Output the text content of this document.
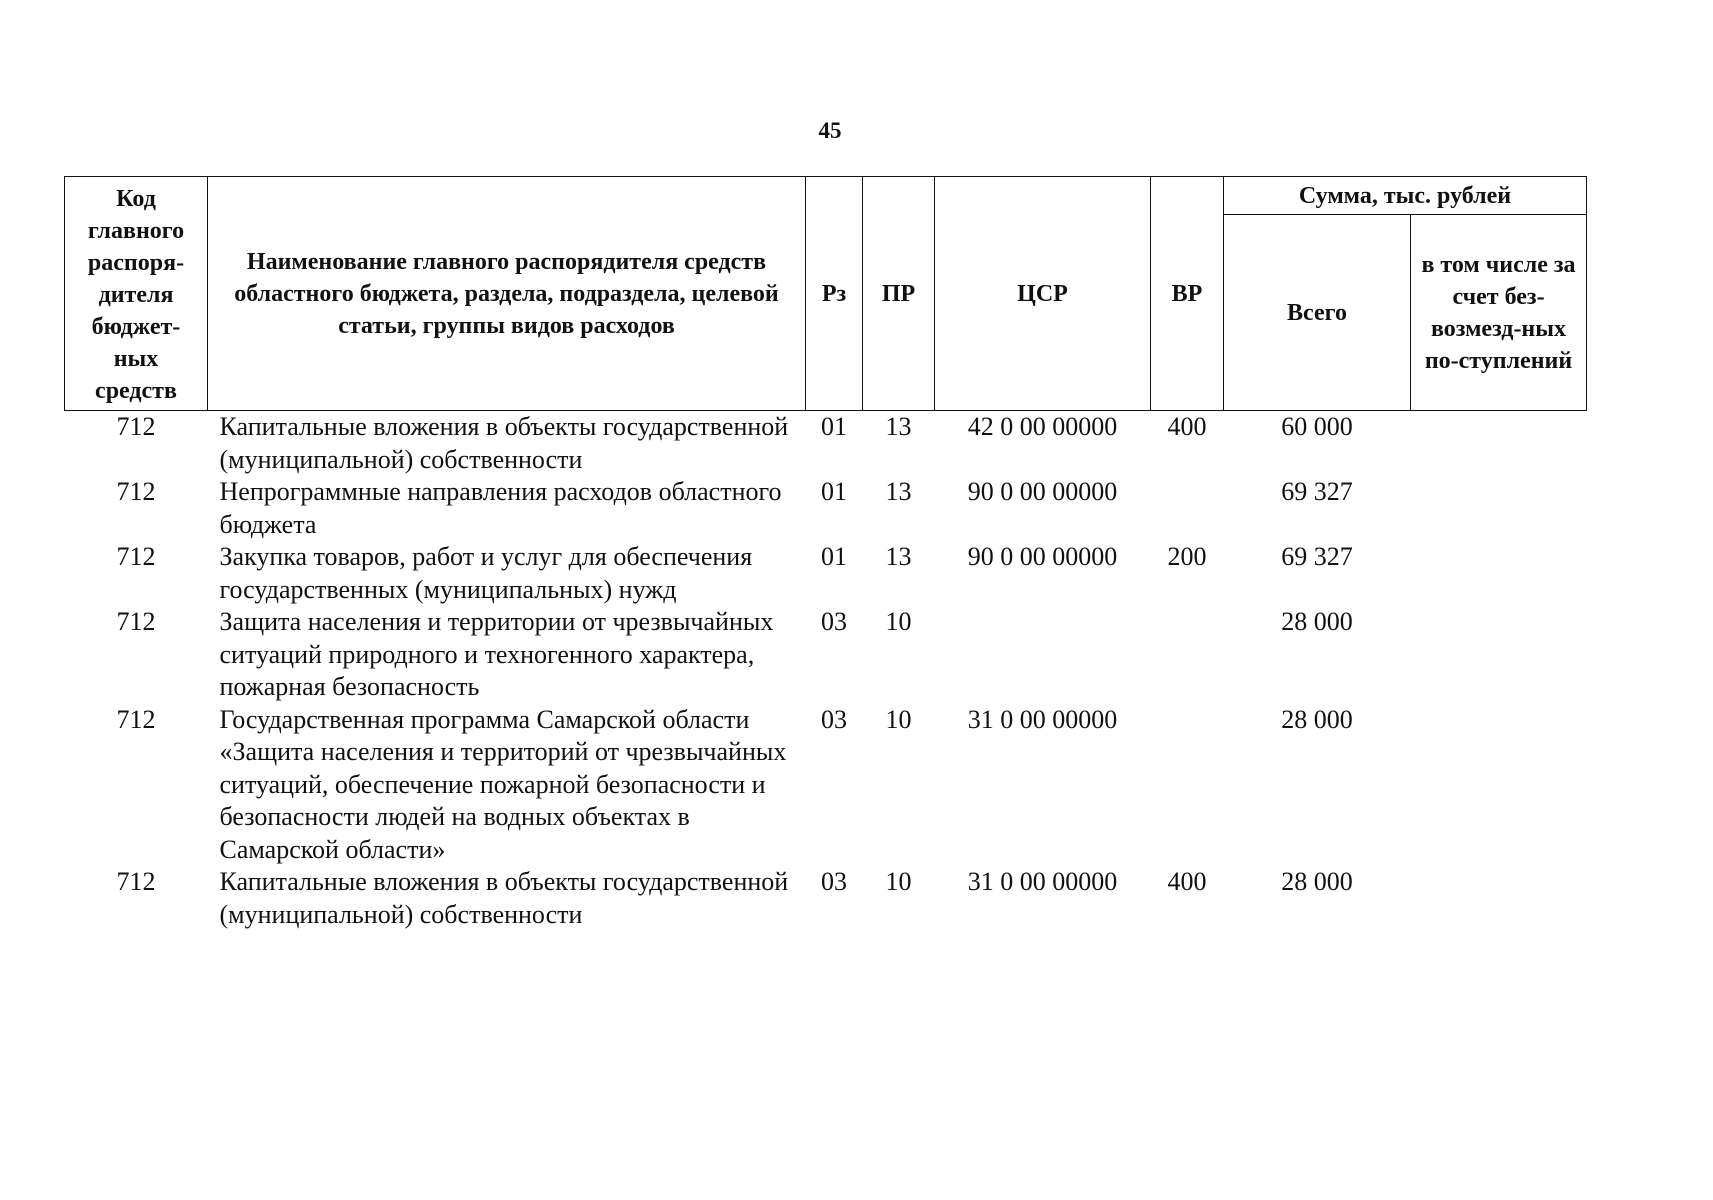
45
Код главного распоря-дителя бюджет-ных средств	Наименование главного распорядителя средств областного бюджета, раздела, подраздела, целевой статьи, группы видов расходов	Рз	ПР	ЦСР	ВР	Сумма, тыс. рублей	
						Всего	в том числе за счет без-возмезд-ных по-ступлений

712	Капитальные вложения в объекты государственной (муниципальной) собственности	01	13	42 0 00 00000	400	60 000	
712	Непрограммные направления расходов областного бюджета	01	13	90 0 00 00000		69 327	
712	Закупка товаров, работ и услуг для обеспечения государственных (муниципальных) нужд	01	13	90 0 00 00000	200	69 327	
712	Защита населения и территории от чрезвычайных ситуаций природного и техногенного характера, пожарная безопасность	03	10			28 000	
712	Государственная программа Самарской области «Защита населения и территорий от чрезвычайных ситуаций, обеспечение пожарной безопасности и безопасности людей на водных объектах в Самарской области»	03	10	31 0 00 00000		28 000	
712	Капитальные вложения в объекты государственной (муниципальной) собственности	03	10	31 0 00 00000	400	28 000	
